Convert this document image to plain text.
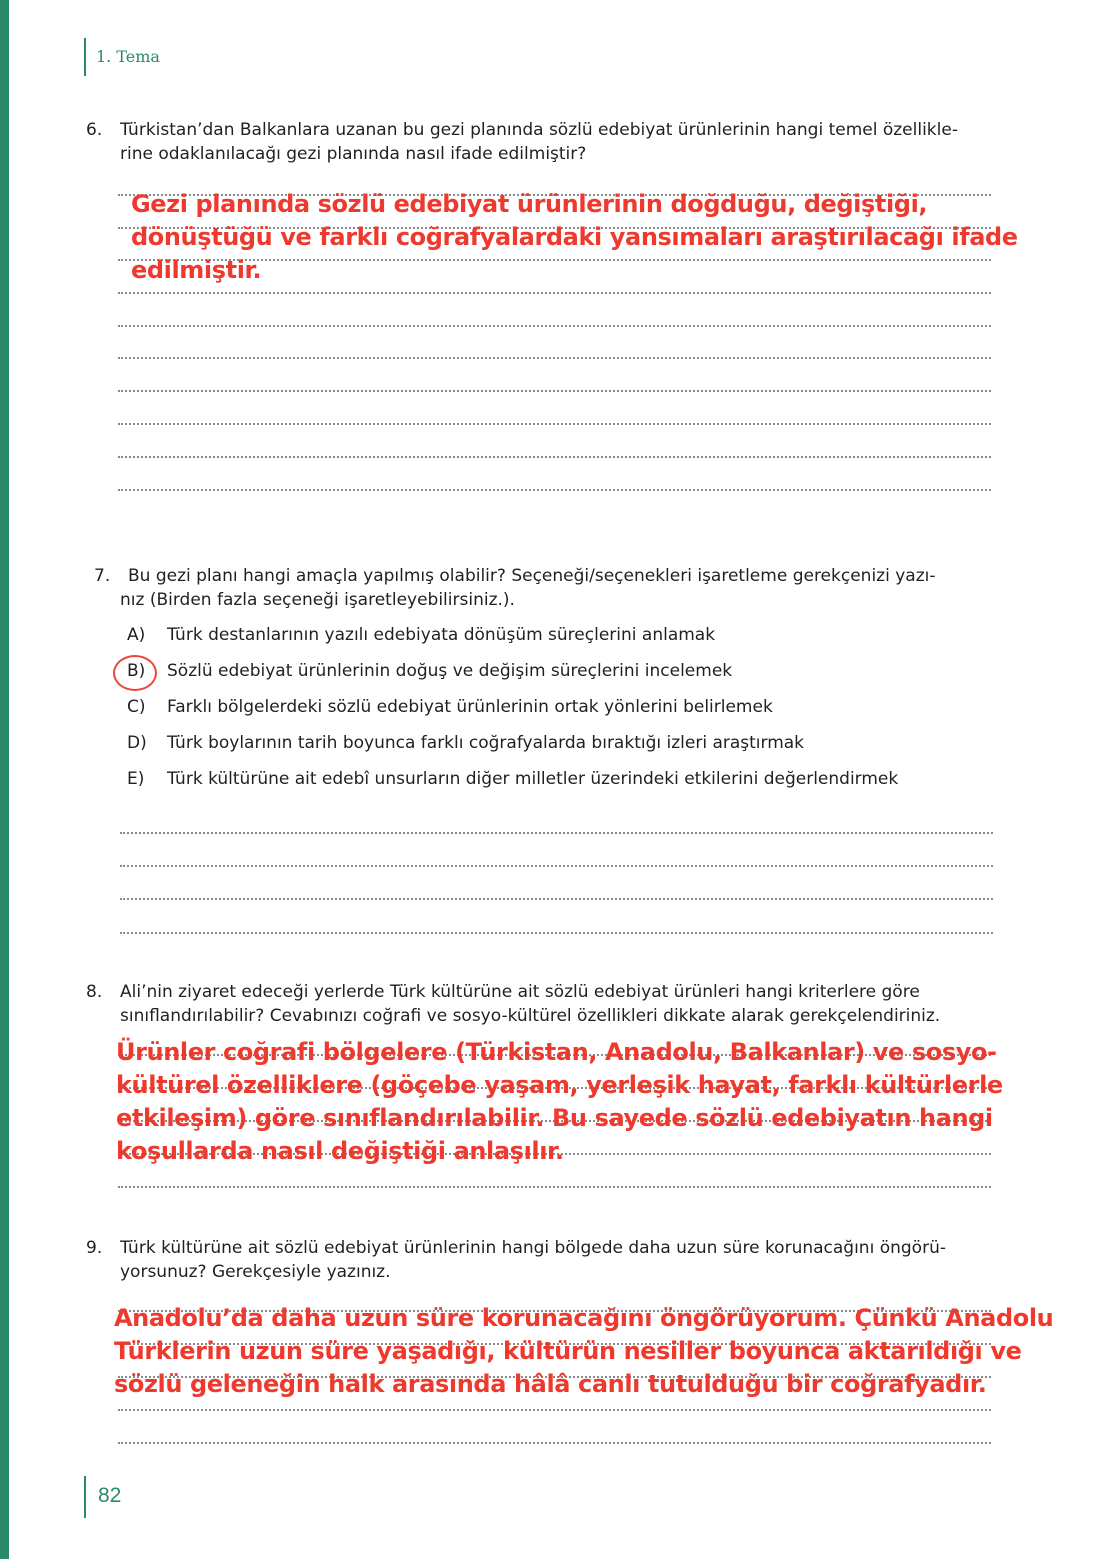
1. Tema
6. Türkistan’dan Balkanlara uzanan bu gezi planında sözlü edebiyat ürünlerinin hangi temel özellikle-
rine odaklanılacağı gezi planında nasıl ifade edilmiştir?
Gezi planında sözlü edebiyat ürünlerinin doğduğu, değiştiği,
dönüştüğü ve farklı coğrafyalardaki yansımaları araştırılacağı ifade
edilmiştir.
7. Bu gezi planı hangi amaçla yapılmış olabilir? Seçeneği/seçenekleri işaretleme gerekçenizi yazı-
nız (Birden fazla seçeneği işaretleyebilirsiniz.).
A) Türk destanlarının yazılı edebiyata dönüşüm süreçlerini anlamak
B) Sözlü edebiyat ürünlerinin doğuş ve değişim süreçlerini incelemek
C) Farklı bölgelerdeki sözlü edebiyat ürünlerinin ortak yönlerini belirlemek
D) Türk boylarının tarih boyunca farklı coğrafyalarda bıraktığı izleri araştırmak
E) Türk kültürüne ait edebî unsurların diğer milletler üzerindeki etkilerini değerlendirmek
8. Ali’nin ziyaret edeceği yerlerde Türk kültürüne ait sözlü edebiyat ürünleri hangi kriterlere göre
sınıflandırılabilir? Cevabınızı coğrafi ve sosyo-kültürel özellikleri dikkate alarak gerekçelendiriniz.
Ürünler coğrafi bölgelere (Türkistan, Anadolu, Balkanlar) ve sosyo-
kültürel özelliklere (göçebe yaşam, yerleşik hayat, farklı kültürlerle
etkileşim) göre sınıflandırılabilir. Bu sayede sözlü edebiyatın hangi
koşullarda nasıl değiştiği anlaşılır.
9. Türk kültürüne ait sözlü edebiyat ürünlerinin hangi bölgede daha uzun süre korunacağını öngörü-
yorsunuz? Gerekçesiyle yazınız.
Anadolu’da daha uzun süre korunacağını öngörüyorum. Çünkü Anadolu
Türklerin uzun süre yaşadığı, kültürün nesiller boyunca aktarıldığı ve
sözlü geleneğin halk arasında hâlâ canlı tutulduğu bir coğrafyadır.
82
